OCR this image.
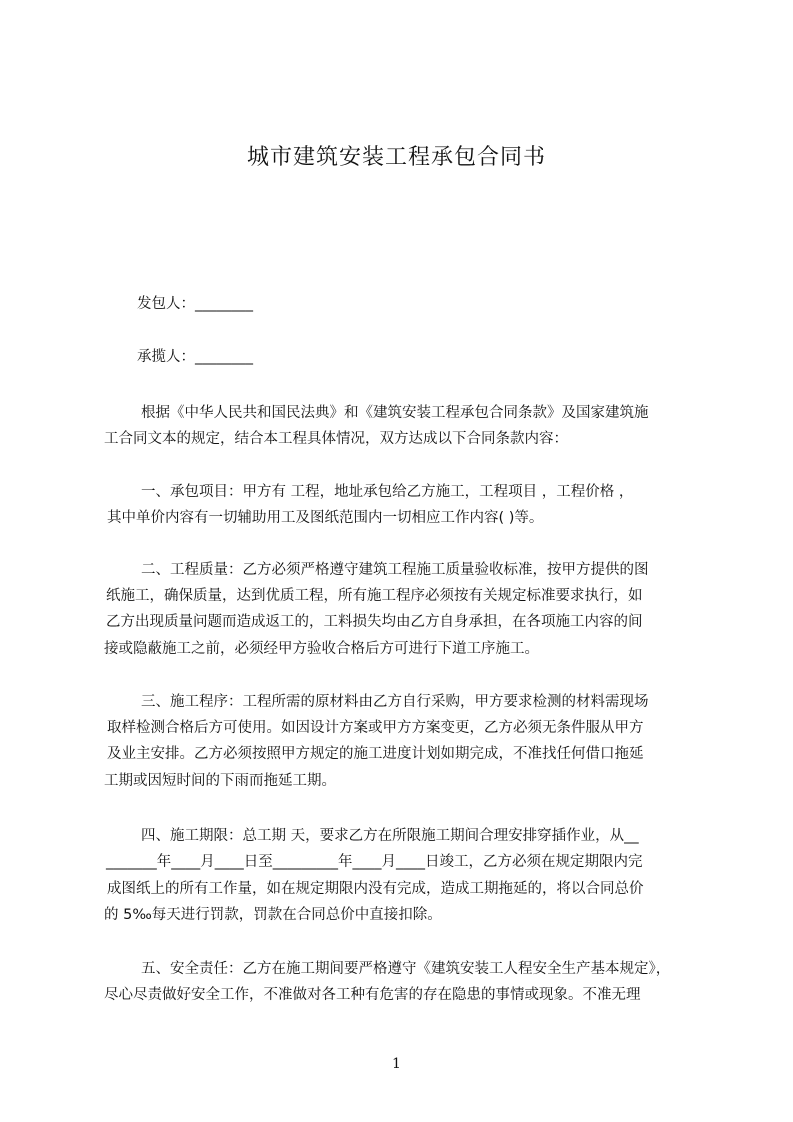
城市建筑安装工程承包合同书
发包人：________
承揽人：________
根据《中华人民共和国民法典》和《建筑安装工程承包合同条款》及国家建筑施
工合同文本的规定，结合本工程具体情况，双方达成以下合同条款内容：
一、承包项目：甲方有 工程，地址承包给乙方施工，工程项目 ，工程价格 ，
其中单价内容有一切辅助用工及图纸范围内一切相应工作内容( )等。
二、工程质量：乙方必须严格遵守建筑工程施工质量验收标准，按甲方提供的图
纸施工，确保质量，达到优质工程，所有施工程序必须按有关规定标准要求执行，如
乙方出现质量问题而造成返工的，工料损失均由乙方自身承担，在各项施工内容的间
接或隐蔽施工之前，必须经甲方验收合格后方可进行下道工序施工。
三、施工程序：工程所需的原材料由乙方自行采购，甲方要求检测的材料需现场
取样检测合格后方可使用。如因设计方案或甲方方案变更，乙方必须无条件服从甲方
及业主安排。乙方必须按照甲方规定的施工进度计划如期完成，不准找任何借口拖延
工期或因短时间的下雨而拖延工期。
四、施工期限：总工期 天，要求乙方在所限施工期间合理安排穿插作业，从__
_______年____月____日至_________年____月____日竣工，乙方必须在规定期限内完
成图纸上的所有工作量，如在规定期限内没有完成，造成工期拖延的，将以合同总价
的 5‰每天进行罚款，罚款在合同总价中直接扣除。
五、安全责任：乙方在施工期间要严格遵守《建筑安装工人程安全生产基本规定》，
尽心尽责做好安全工作，不准做对各工种有危害的存在隐患的事情或现象。不准无理
1
